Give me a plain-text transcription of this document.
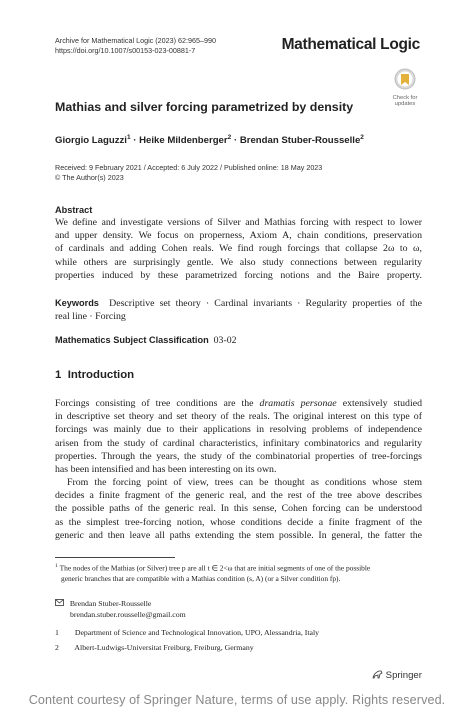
Archive for Mathematical Logic (2023) 62:965–990
https://doi.org/10.1007/s00153-023-00881-7	Mathematical Logic
Check for
updates
Mathias and silver forcing parametrized by density
Giorgio Laguzzi$^1$ · Heike Mildenberger$^2$ · Brendan Stuber-Rousselle$^2$
Received: 9 February 2021 / Accepted: 6 July 2022 / Published online: 18 May 2023
© The Author(s) 2023
Abstract
We define and investigate versions of Silver and Mathias forcing with respect to lower
and upper density. We focus on properness, Axiom A, chain conditions, preservation
of cardinals and adding Cohen reals. We find rough forcings that collapse 2ω to ω,
while others are surprisingly gentle. We also study connections between regularity
properties induced by these parametrized forcing notions and the Baire property.
Keywords Descriptive set theory · Cardinal invariants · Regularity properties of the
real line · Forcing
Mathematics Subject Classification 03-02
1 Introduction
Forcings consisting of tree conditions are the dramatis personae extensively studied
in descriptive set theory and set theory of the reals. The original interest on this type of
forcings was mainly due to their applications in resolving problems of independence
arisen from the study of cardinal characteristics, infinitary combinatorics and regularity
properties. Through the years, the study of the combinatorial properties of tree-forcings
has been intensified and has been interesting on its own.
From the forcing point of view, trees can be thought as conditions whose stem
decides a finite fragment of the generic real, and the rest of the tree above describes
the possible paths of the generic real. In this sense, Cohen forcing can be understood
as the simplest tree-forcing notion, whose conditions decide a finite fragment of the
generic and then leave all paths extending the stem possible. In general, the fatter the
$^1$ The nodes of the Mathias (or Silver) tree p are all t ∈ 2<ω that are initial segments of one of the possible
generic branches that are compatible with a Mathias condition (s, A) (or a Silver condition fp).
Brendan Stuber-Rousselle
brendan.stuber.rousselle@gmail.com
1 Department of Science and Technological Innovation, UPO, Alessandria, Italy
2 Albert-Ludwigs-Universitat Freiburg, Freiburg, Germany
Springer
Content courtesy of Springer Nature, terms of use apply. Rights reserved.
